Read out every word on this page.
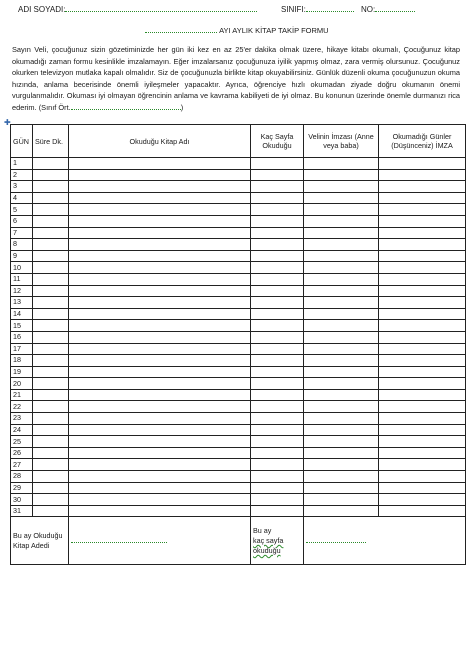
ADI SOYADI:	SINIFI:	NO:
AYI AYLIK KİTAP TAKİP FORMU
Sayın Veli, çocuğunuz sizin gözetiminizde her gün iki kez en az 25'er dakika olmak üzere, hikaye kitabı okumalı, Çocuğunuz kitap okumadığı zaman formu kesinlikle imzalamayın. Eğer imzalarsanız çocuğunuza iyilik yapmış olmaz, zara vermiş olursunuz. Çocuğunuz okurken televizyon mutlaka kapalı olmalıdır. Siz de çocuğunuzla birlikte kitap okuyabilirsiniz. Günlük düzenli okuma çocuğunuzun okuma hızında, anlama becerisinde önemli iyileşmeler yapacaktır. Ayrıca, öğrenciye hızlı okumadan ziyade doğru okumanın önemi vurgulanmalıdır. Okuması iyi olmayan öğrencinin anlama ve kavrama kabiliyeti de iyi olmaz. Bu konunun üzerinde önemle durmanızı rica ederim. (Sınıf Ört.	)
✚
GÜN	Süre Dk.	Okuduğu Kitap Adı	Kaç Sayfa Okuduğu	Velinin İmzası (Anne veya baba)	Okumadığı Günler (Düşünceniz) İMZA
1					
2					
3					
4					
5					
6					
7					
8					
9					
10					
11					
12					
13					
14					
15					
16					
17					
18					
19					
20					
21					
22					
23					
24					
25					
26					
27					
28					
29					
30					
31					
Bu ay Okuduğu Kitap Adedi			Bu ay
kaç sayfa
okuduğu		
